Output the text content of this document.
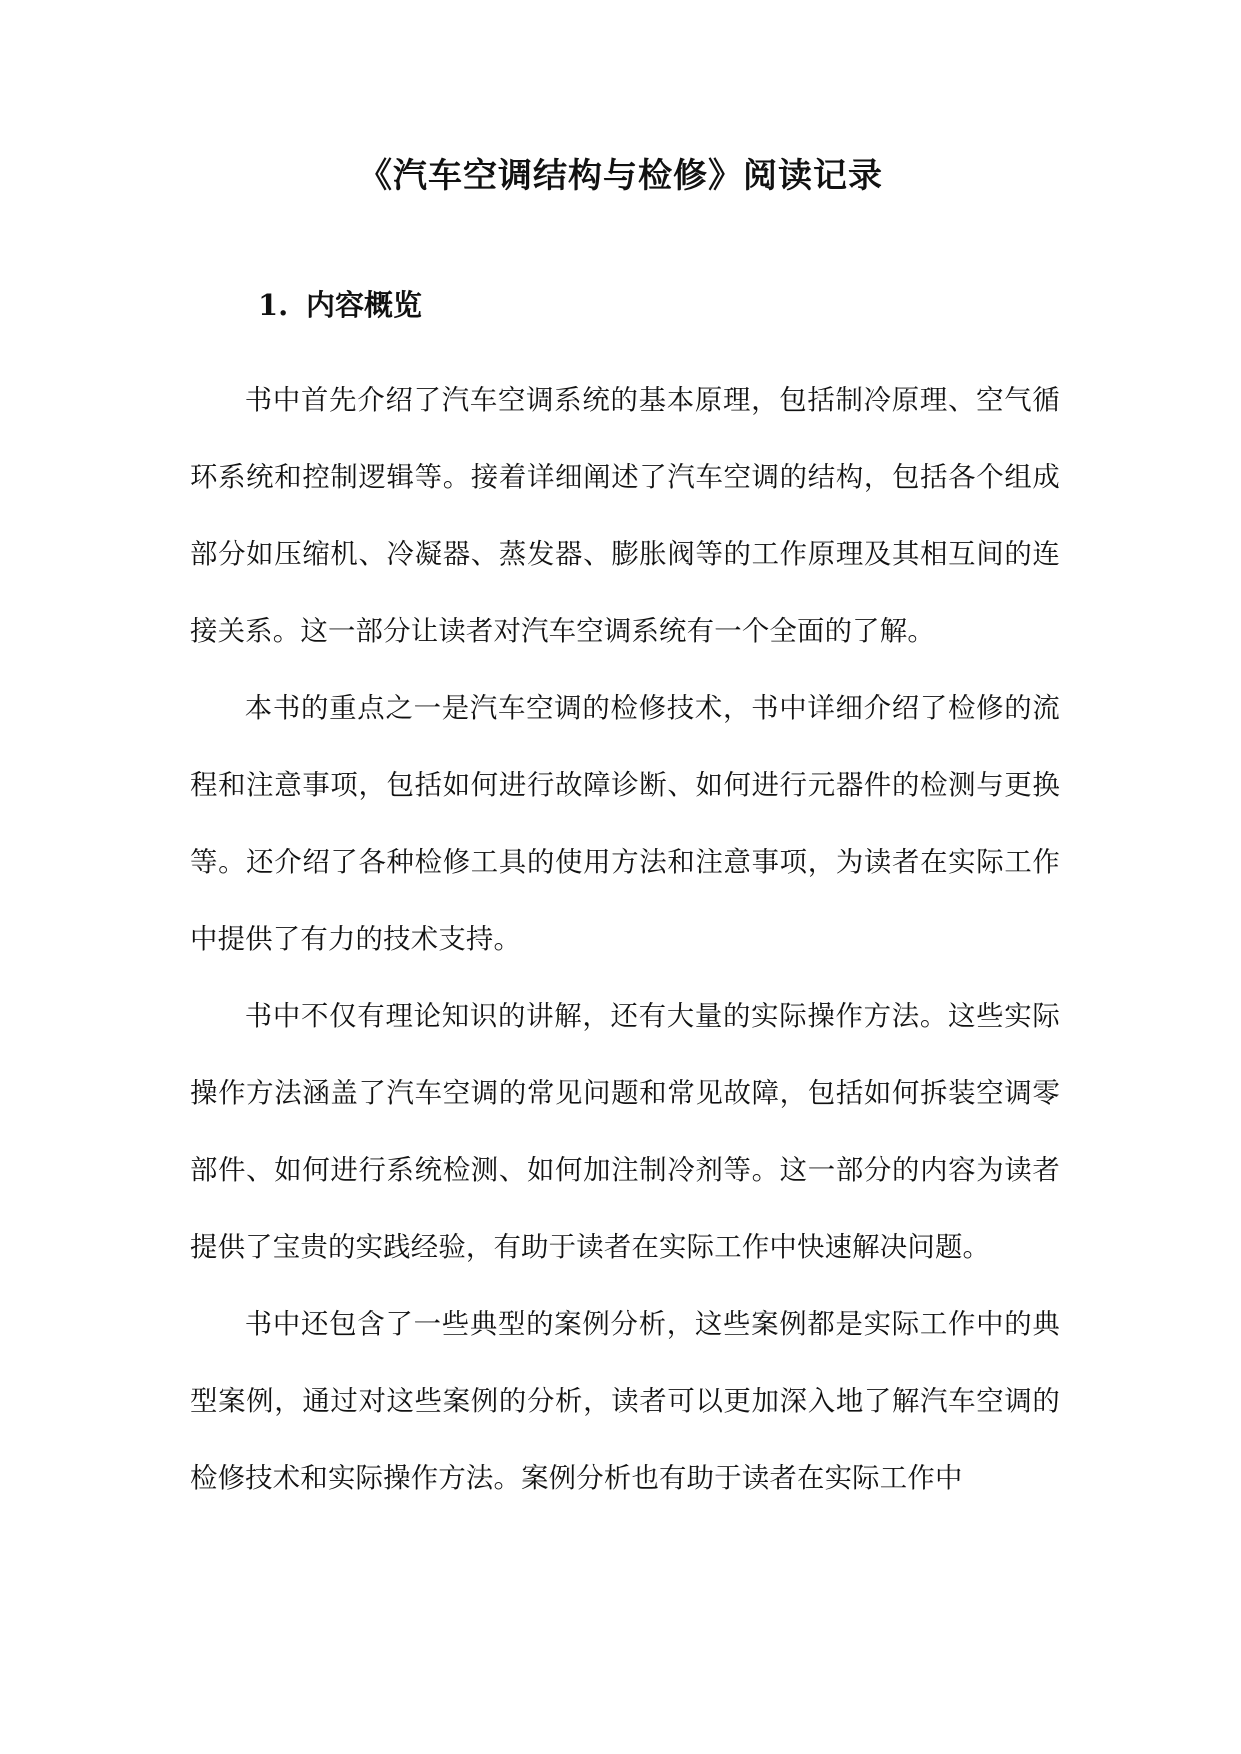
《汽车空调结构与检修》阅读记录
1. 内容概览

书中首先介绍了汽车空调系统的基本原理，包括制冷原理、空气循环系统和控制逻辑等。接着详细阐述了汽车空调的结构，包括各个组成部分如压缩机、冷凝器、蒸发器、膨胀阀等的工作原理及其相互间的连接关系。这一部分让读者对汽车空调系统有一个全面的了解。

本书的重点之一是汽车空调的检修技术，书中详细介绍了检修的流程和注意事项，包括如何进行故障诊断、如何进行元器件的检测与更换等。还介绍了各种检修工具的使用方法和注意事项，为读者在实际工作中提供了有力的技术支持。

书中不仅有理论知识的讲解，还有大量的实际操作方法。这些实际操作方法涵盖了汽车空调的常见问题和常见故障，包括如何拆装空调零部件、如何进行系统检测、如何加注制冷剂等。这一部分的内容为读者提供了宝贵的实践经验，有助于读者在实际工作中快速解决问题。

书中还包含了一些典型的案例分析，这些案例都是实际工作中的典型案例，通过对这些案例的分析，读者可以更加深入地了解汽车空调的检修技术和实际操作方法。案例分析也有助于读者在实际工作中
